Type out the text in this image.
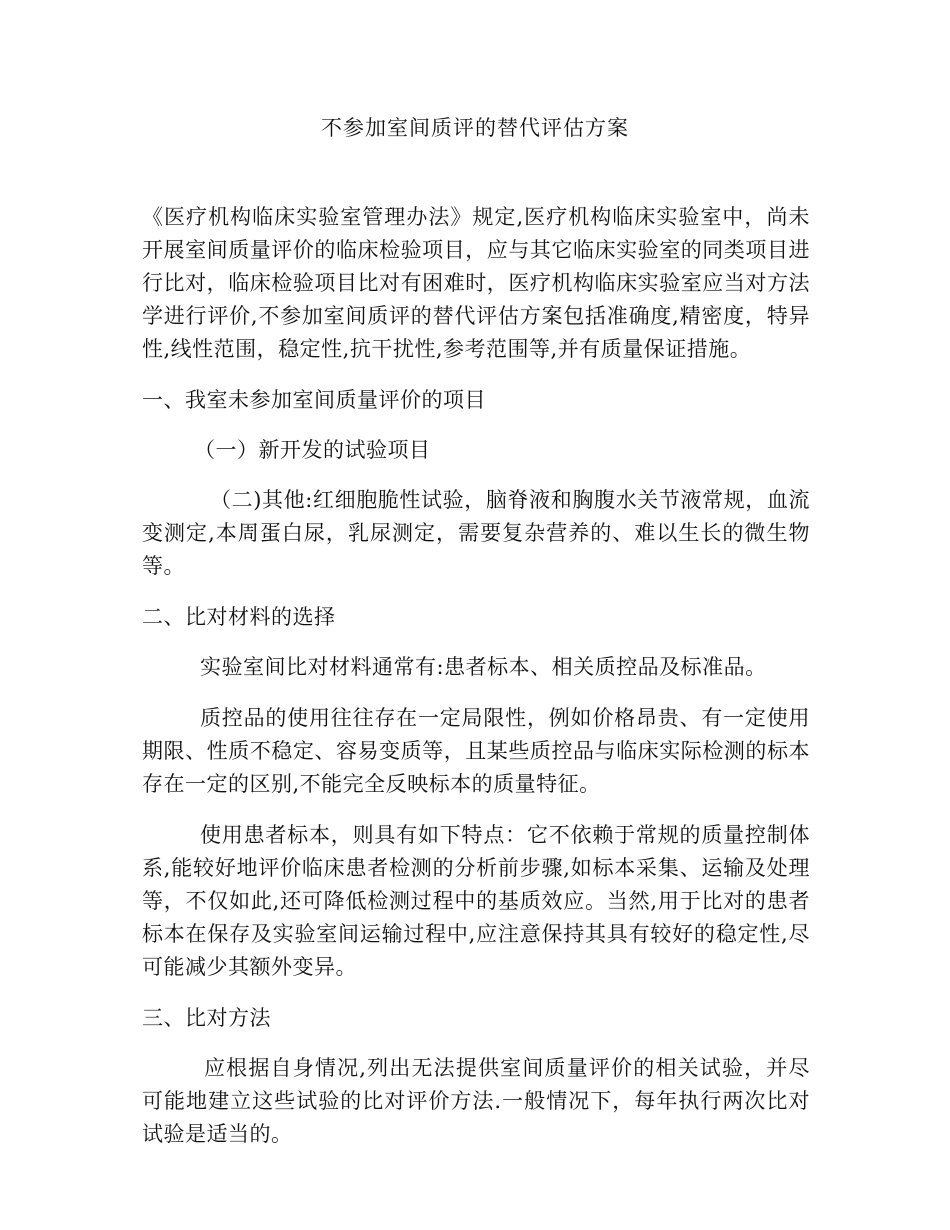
不参加室间质评的替代评估方案

《医疗机构临床实验室管理办法》规定,医疗机构临床实验室中，尚未开展室间质量评价的临床检验项目，应与其它临床实验室的同类项目进行比对，临床检验项目比对有困难时，医疗机构临床实验室应当对方法学进行评价,不参加室间质评的替代评估方案包括准确度,精密度，特异性,线性范围，稳定性,抗干扰性,参考范围等,并有质量保证措施。

一、我室未参加室间质量评价的项目

（一）新开发的试验项目

（二)其他:红细胞脆性试验，脑脊液和胸腹水关节液常规，血流变测定,本周蛋白尿，乳尿测定，需要复杂营养的、难以生长的微生物等。

二、比对材料的选择

实验室间比对材料通常有:患者标本、相关质控品及标准品。

质控品的使用往往存在一定局限性，例如价格昂贵、有一定使用期限、性质不稳定、容易变质等，且某些质控品与临床实际检测的标本存在一定的区别,不能完全反映标本的质量特征。

使用患者标本，则具有如下特点：它不依赖于常规的质量控制体系,能较好地评价临床患者检测的分析前步骤,如标本采集、运输及处理等，不仅如此,还可降低检测过程中的基质效应。当然,用于比对的患者标本在保存及实验室间运输过程中,应注意保持其具有较好的稳定性,尽可能减少其额外变异。

三、比对方法

应根据自身情况,列出无法提供室间质量评价的相关试验，并尽可能地建立这些试验的比对评价方法.一般情况下，每年执行两次比对试验是适当的。
